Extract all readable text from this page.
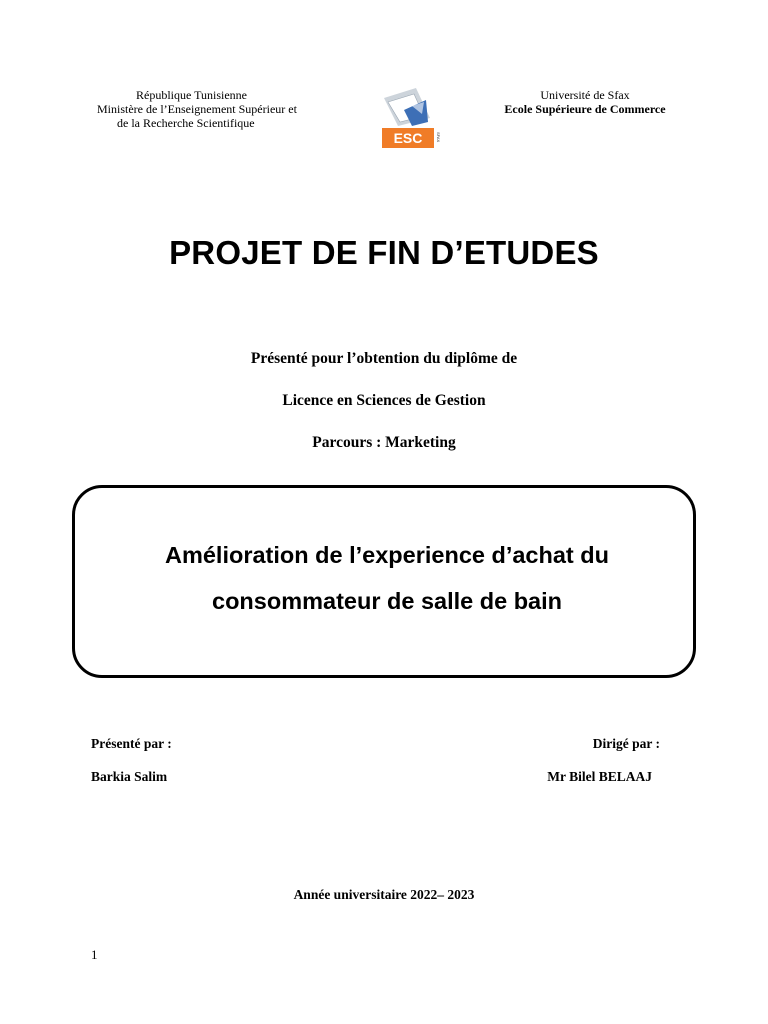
République Tunisienne
Ministère de l’Enseignement Supérieur et
de la Recherche Scientifique
ESC	SFAX
Université de Sfax
Ecole Supérieure de Commerce
PROJET DE FIN D’ETUDES
Présenté pour l’obtention du diplôme de
Licence en Sciences de Gestion
Parcours : Marketing
Amélioration de l’experience d’achat du
consommateur de salle de bain
Présenté par :
Barkia Salim
Dirigé par :
Mr Bilel BELAAJ
Année universitaire 2022– 2023
1
